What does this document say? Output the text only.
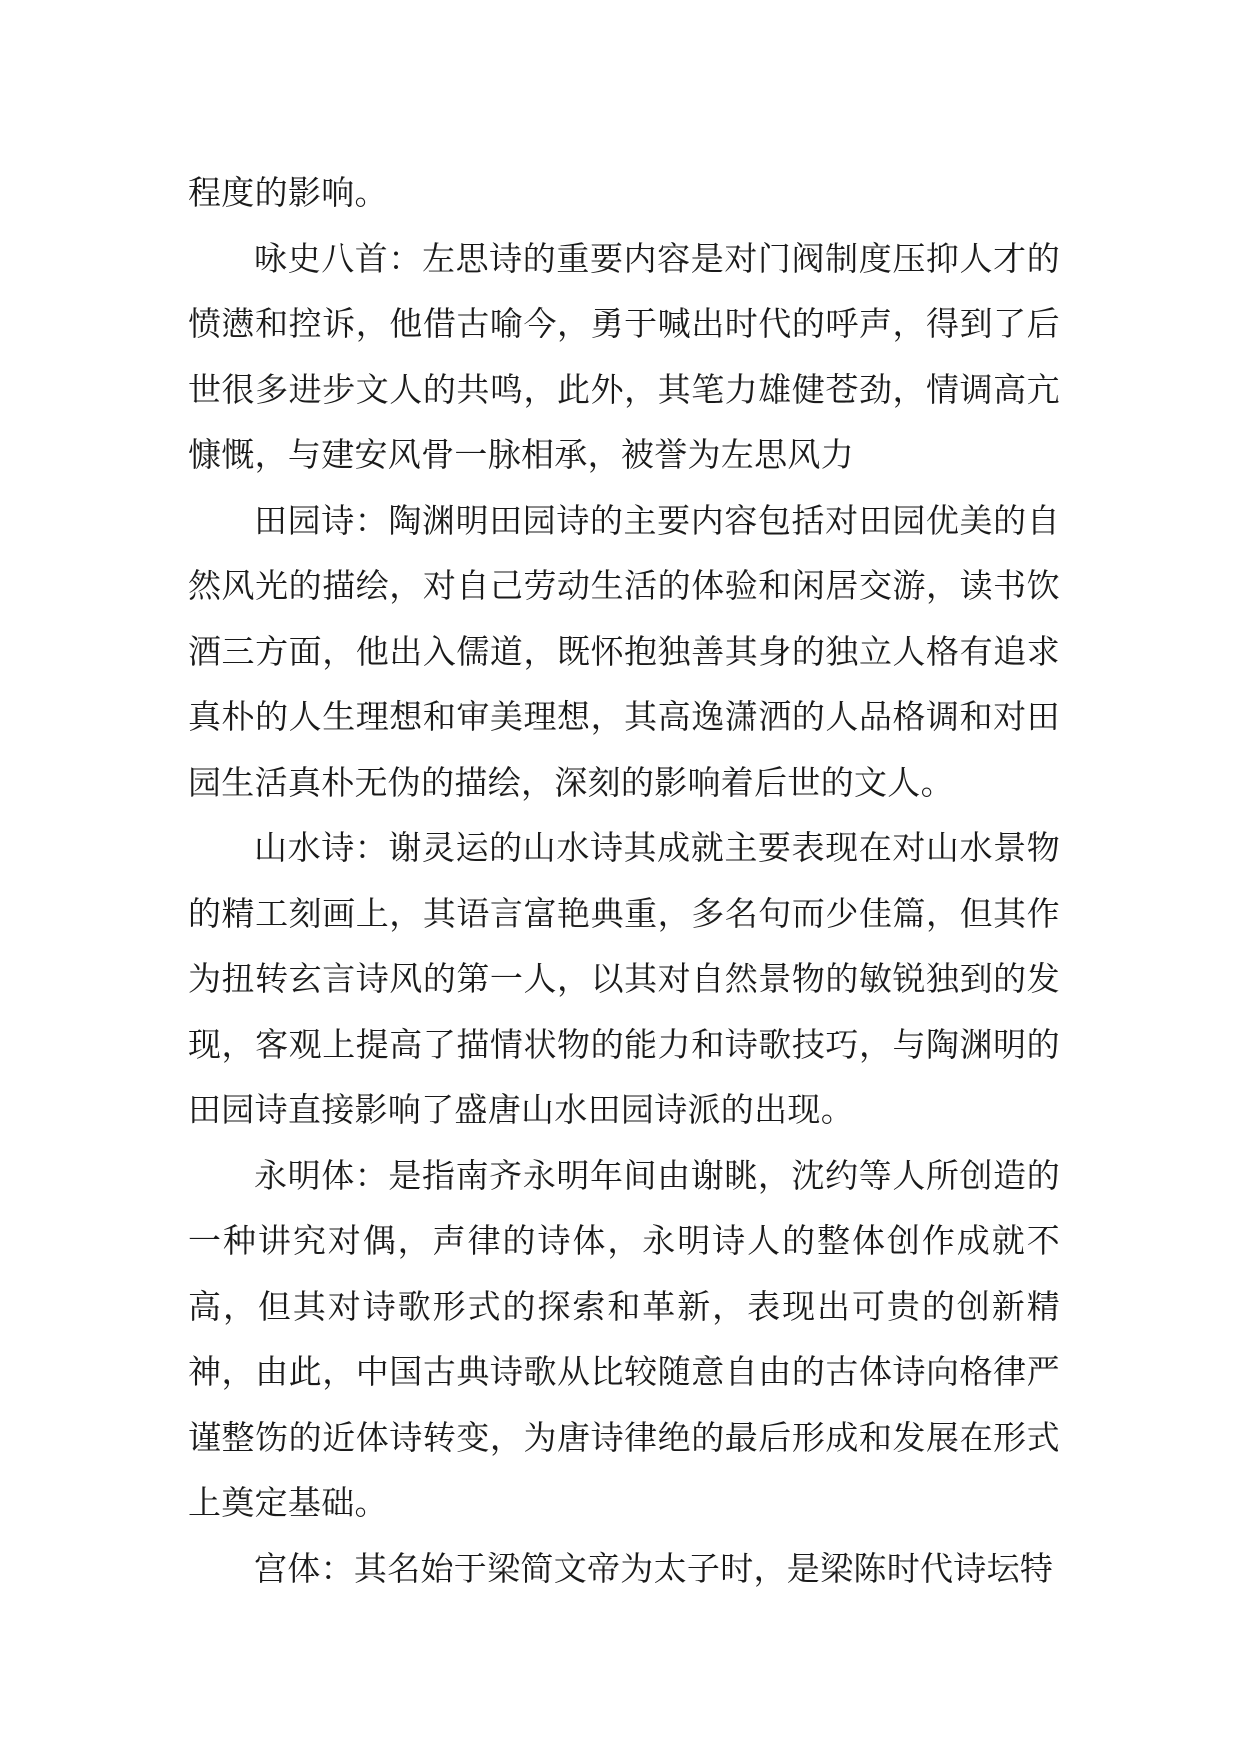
程度的影响。

咏史八首：左思诗的重要内容是对门阀制度压抑人才的愤懑和控诉，他借古喻今，勇于喊出时代的呼声，得到了后世很多进步文人的共鸣，此外，其笔力雄健苍劲，情调高亢慷慨，与建安风骨一脉相承，被誉为左思风力

田园诗：陶渊明田园诗的主要内容包括对田园优美的自然风光的描绘，对自己劳动生活的体验和闲居交游，读书饮酒三方面，他出入儒道，既怀抱独善其身的独立人格有追求真朴的人生理想和审美理想，其高逸潇洒的人品格调和对田园生活真朴无伪的描绘，深刻的影响着后世的文人。

山水诗：谢灵运的山水诗其成就主要表现在对山水景物的精工刻画上，其语言富艳典重，多名句而少佳篇，但其作为扭转玄言诗风的第一人，以其对自然景物的敏锐独到的发现，客观上提高了描情状物的能力和诗歌技巧，与陶渊明的田园诗直接影响了盛唐山水田园诗派的出现。

永明体：是指南齐永明年间由谢眺，沈约等人所创造的一种讲究对偶，声律的诗体，永明诗人的整体创作成就不高，但其对诗歌形式的探索和革新，表现出可贵的创新精神，由此，中国古典诗歌从比较随意自由的古体诗向格律严谨整饬的近体诗转变，为唐诗律绝的最后形成和发展在形式上奠定基础。

宫体：其名始于梁简文帝为太子时，是梁陈时代诗坛特
